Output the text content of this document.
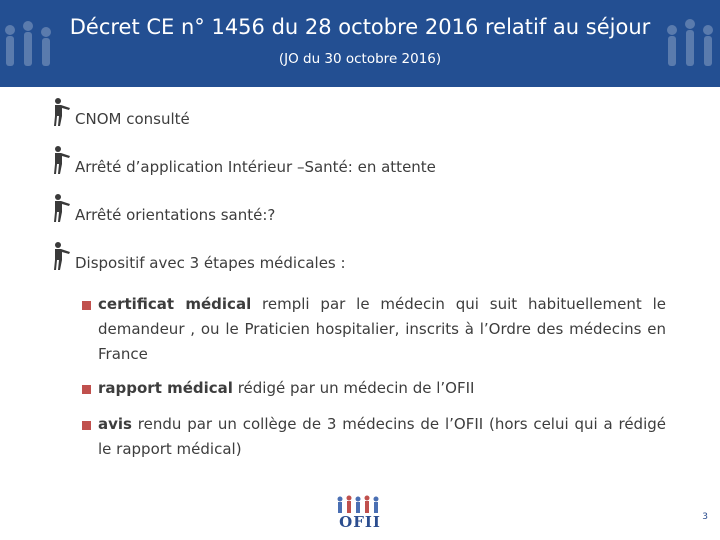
Décret CE n° 1456 du 28 octobre 2016 relatif au séjour
(JO du 30 octobre 2016)
CNOM consulté
Arrêté d’application Intérieur –Santé: en attente
Arrêté orientations santé:?
Dispositif avec 3 étapes médicales :
certificat médical rempli par le médecin qui suit habituellement le demandeur , ou le Praticien hospitalier, inscrits à l’Ordre des médecins en France
rapport médical rédigé par un médecin de l’OFII
avis rendu par un collège de 3 médecins de l’OFII (hors celui qui a rédigé le rapport médical)
OFII	3
